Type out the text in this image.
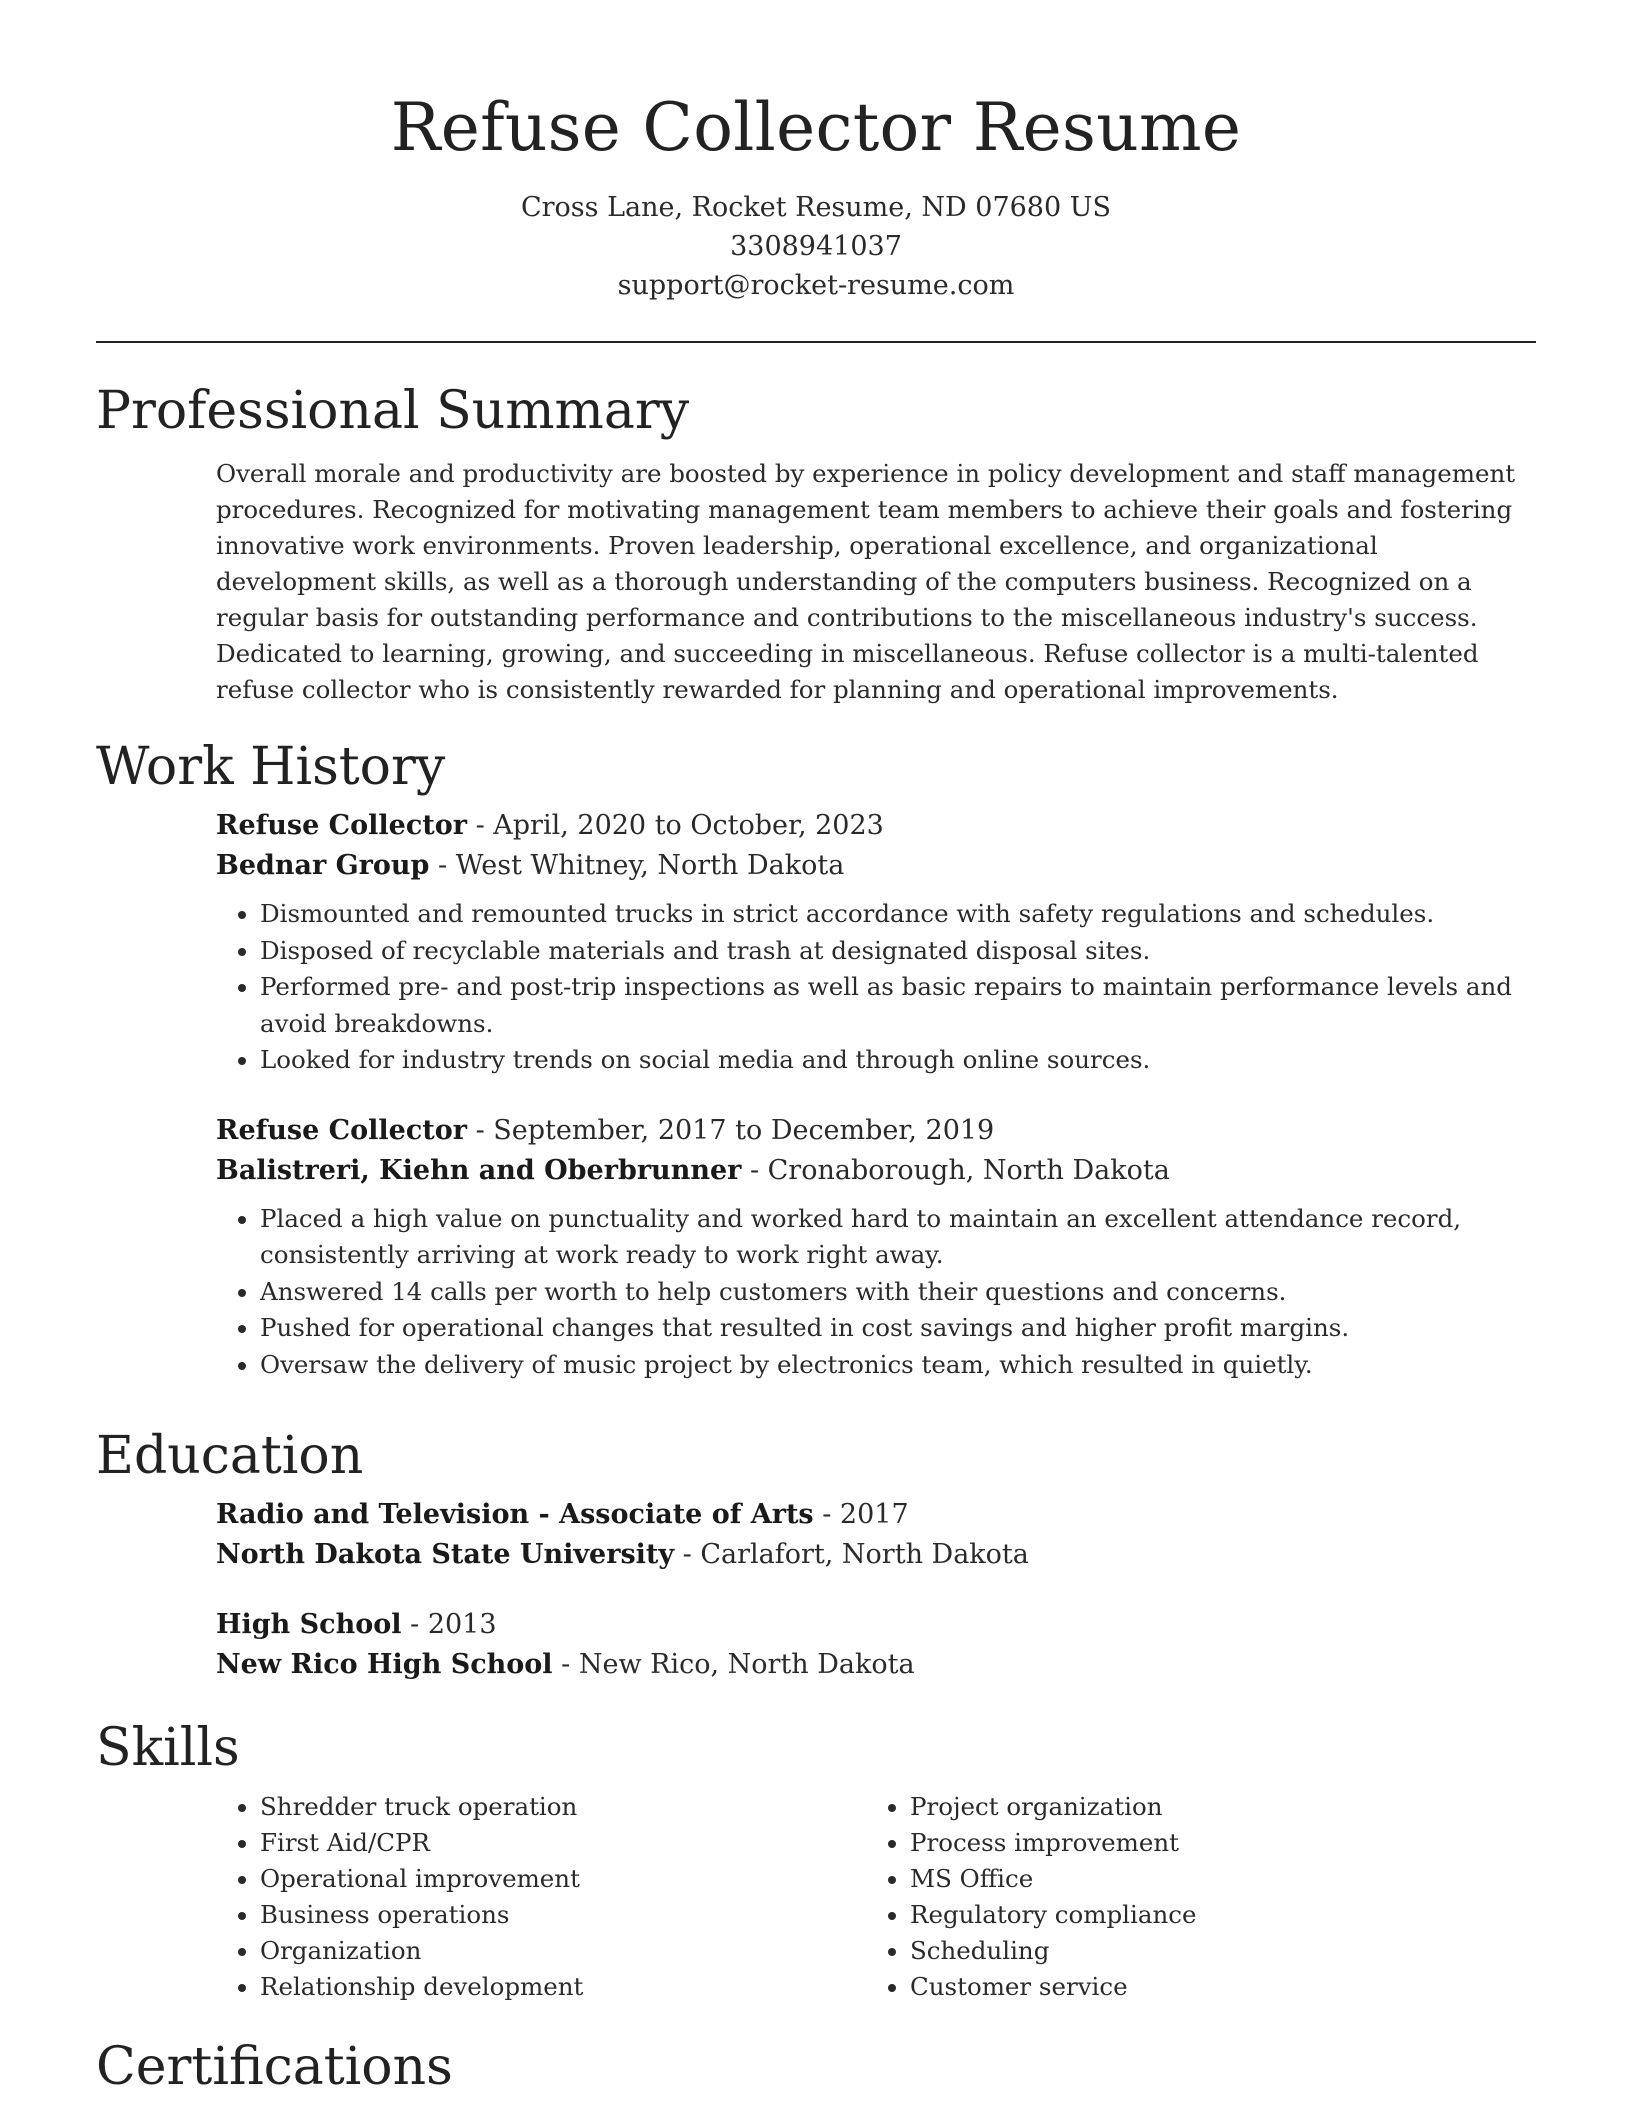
Refuse Collector Resume
Cross Lane, Rocket Resume, ND 07680 US
3308941037
support@rocket-resume.com
Professional Summary

Overall morale and productivity are boosted by experience in policy development and staff management procedures. Recognized for motivating management team members to achieve their goals and fostering innovative work environments. Proven leadership, operational excellence, and organizational development skills, as well as a thorough understanding of the computers business. Recognized on a regular basis for outstanding performance and contributions to the miscellaneous industry's success. Dedicated to learning, growing, and succeeding in miscellaneous. Refuse collector is a multi-talented refuse collector who is consistently rewarded for planning and operational improvements.

Work History
Refuse Collector - April, 2020 to October, 2023
Bednar Group - West Whitney, North Dakota
• Dismounted and remounted trucks in strict accordance with safety regulations and schedules.
• Disposed of recyclable materials and trash at designated disposal sites.
• Performed pre- and post-trip inspections as well as basic repairs to maintain performance levels and avoid breakdowns.
• Looked for industry trends on social media and through online sources.
Refuse Collector - September, 2017 to December, 2019
Balistreri, Kiehn and Oberbrunner - Cronaborough, North Dakota
• Placed a high value on punctuality and worked hard to maintain an excellent attendance record, consistently arriving at work ready to work right away.
• Answered 14 calls per worth to help customers with their questions and concerns.
• Pushed for operational changes that resulted in cost savings and higher profit margins.
• Oversaw the delivery of music project by electronics team, which resulted in quietly.
Education
Radio and Television - Associate of Arts - 2017
North Dakota State University - Carlafort, North Dakota
High School - 2013
New Rico High School - New Rico, North Dakota
Skills
• Shredder truck operation
• First Aid/CPR
• Operational improvement
• Business operations
• Organization
• Relationship development
• Project organization
• Process improvement
• MS Office
• Regulatory compliance
• Scheduling
• Customer service
Certifications
